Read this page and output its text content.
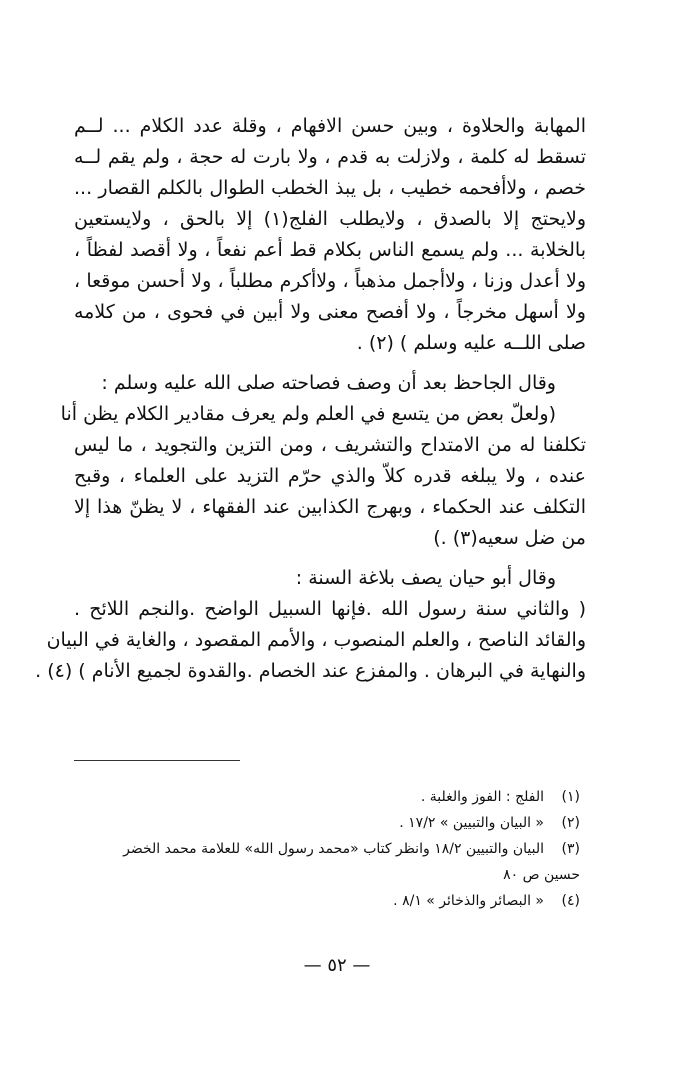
المهابة والحلاوة ، وبين حسن الافهام ، وقلة عدد الكلام ... لــم
تسقط له كلمة ، ولازلت به قدم ، ولا بارت له حجة ، ولم يقم لــه
خصم ، ولاأفحمه خطيب ، بل يبذ الخطب الطوال بالكلم القصار ...
ولايحتج إلا بالصدق ، ولايطلب الفلج(١) إلا بالحق ، ولايستعين
بالخلابة ... ولم يسمع الناس بكلام قط أعم نفعاً ، ولا أقصد لفظاً ،
ولا أعدل وزنا ، ولاأجمل مذهباً ، ولاأكرم مطلباً ، ولا أحسن موقعا ،
ولا أسهل مخرجاً ، ولا أفصح معنى ولا أبين في فحوى ، من كلامه
صلى اللــه عليه وسلم ) (٢) .
وقال الجاحظ بعد أن وصف فصاحته صلى الله عليه وسلم :
(ولعلّ بعض من يتسع في العلم ولم يعرف مقادير الكلام يظن أنا
تكلفنا له من الامتداح والتشريف ، ومن التزين والتجويد ، ما ليس
عنده ، ولا يبلغه قدره كلاّ والذي حرّم التزيد على العلماء ، وقبح
التكلف عند الحكماء ، وبهرج الكذابين عند الفقهاء ، لا يظنّ هذا إلا
من ضل سعيه(٣) .)
وقال أبو حيان يصف بلاغة السنة :
( والثاني سنة رسول الله .فإنها السبيل الواضح .والنجم اللائح .
والقائد الناصح ، والعلم المنصوب ، والأمم المقصود ، والغاية في البيان
والنهاية في البرهان . والمفزع عند الخصام .والقدوة لجميع الأنام ) (٤) .
(١)الفلج : الفوز والغلبة .
(٢)« البيان والتبيين » ١٧/٢ .
(٣)البيان والتبيين ١٨/٢ وانظر كتاب «محمد رسول الله» للعلامة محمد الخضر
حسين ص ٨٠
(٤)« البصائر والذخائر » ٨/١ .
— ٥٢ —
